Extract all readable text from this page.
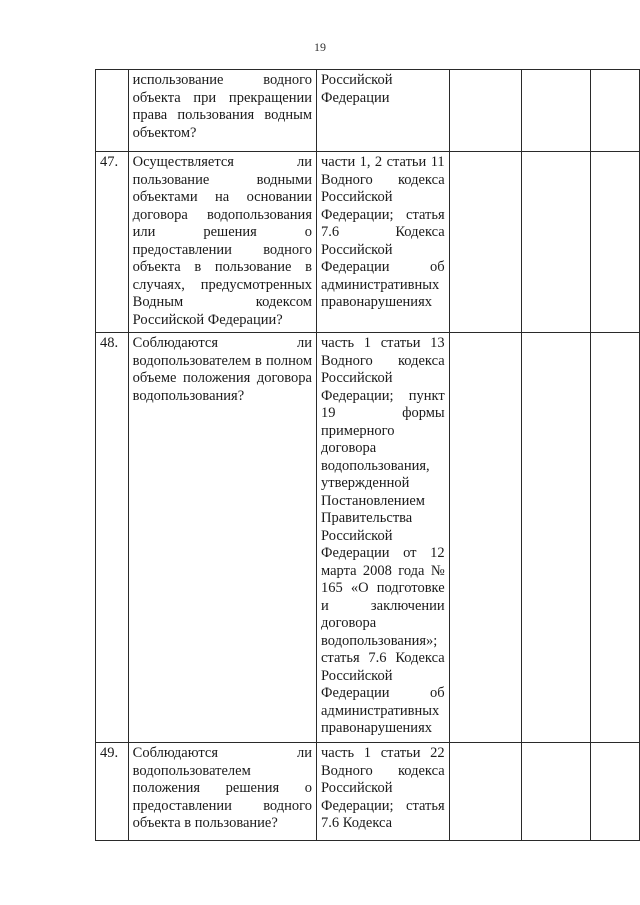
19

	использование водного объекта при прекращении права пользования водным объектом?	Российской
Федерации			

47.	Осуществляется ли пользование водными объектами на основании договора водопользования или решения о предоставлении водного объекта в пользование в случаях, предусмотренных Водным кодексом Российской Федерации?	части 1, 2 статьи 11 Водного кодекса Российской Федерации; статья 7.6 Кодекса Российской Федерации об административных правонарушениях			

48.	Соблюдаются ли водопользователем в полном объеме положения договора водопользования?	часть 1 статьи 13 Водного кодекса Российской Федерации; пункт 19 формы примерного договора водопользования, утвержденной Постановлением Правительства Российской Федерации от 12 марта 2008 года № 165 «О подготовке и заключении договора водопользования»; статья 7.6 Кодекса Российской Федерации об административных правонарушениях			

49.	Соблюдаются ли водопользователем положения решения о предоставлении водного объекта в пользование?	часть 1 статьи 22 Водного кодекса Российской Федерации; статья 7.6 Кодекса			
